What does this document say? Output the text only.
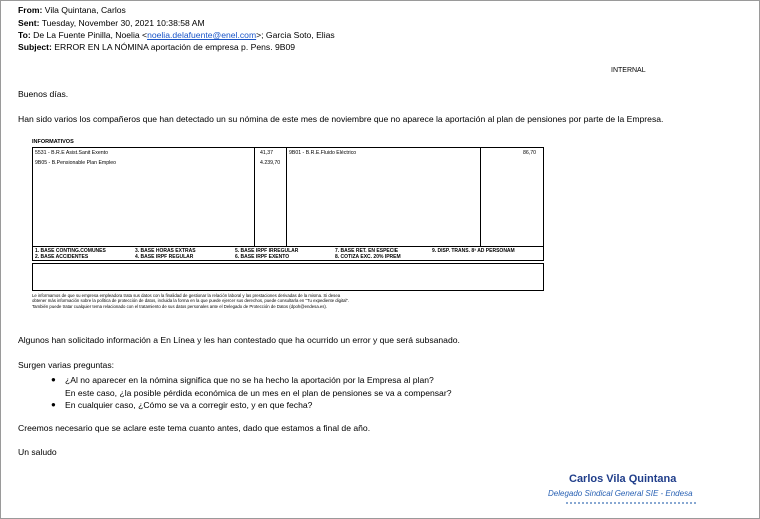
From: Vila Quintana, Carlos
Sent: Tuesday, November 30, 2021 10:38:58 AM
To: De La Fuente Pinilla, Noelia <noelia.delafuente@enel.com>; Garcia Soto, Elias
Subject: ERROR EN LA NÓMINA aportación de empresa p. Pens. 9B09
INTERNAL
Buenos días.
Han sido varios los compañeros que han detectado un su nómina de este mes de noviembre que no aparece la aportación al plan de pensiones por parte de la Empresa.
INFORMATIVOS
5531 - B.R.E Asist.Sanit Exento	41,37
9B05 - B.Pensionable Plan Empleo	4.239,70
9B01 - B.R.E.Fluido Eléctrico	86,70
1. BASE CONTING.COMUNES	3. BASE HORAS EXTRAS	5. BASE IRPF IRREGULAR	7. BASE RET. EN ESPECIE	9. DISP. TRANS. 8ª AD PERSONAM
2. BASE ACCIDENTES	4. BASE IRPF REGULAR	6. BASE IRPF EXENTO	8. COTIZA EXC. 20% IPREM
Le informamos de que su empresa empleadora trata sus datos con la finalidad de gestionar la relación laboral y las prestaciones derivadas de la misma. Si desea
obtener más información sobre la política de protección de datos, incluida la forma en la que puede ejercer sus derechos, puede consultarla en "Tu expediente digital".
También puede tratar cualquier tema relacionado con el tratamiento de sus datos personales ante el Delegado de Protección de Datos (dpoh@endesa.es).
Algunos han solicitado información a En Línea y les han contestado que ha ocurrido un error y que será subsanado.
Surgen varias preguntas:
● ¿Al no aparecer en la nómina significa que no se ha hecho la aportación por la Empresa al plan?
En este caso, ¿la posible pérdida económica de un mes en el plan de pensiones se va a compensar?
● En cualquier caso, ¿Cómo se va a corregir esto, y en que fecha?
Creemos necesario que se aclare este tema cuanto antes, dado que estamos a final de año.
Un saludo
Carlos Vila Quintana
Delegado Sindical General SIE - Endesa
